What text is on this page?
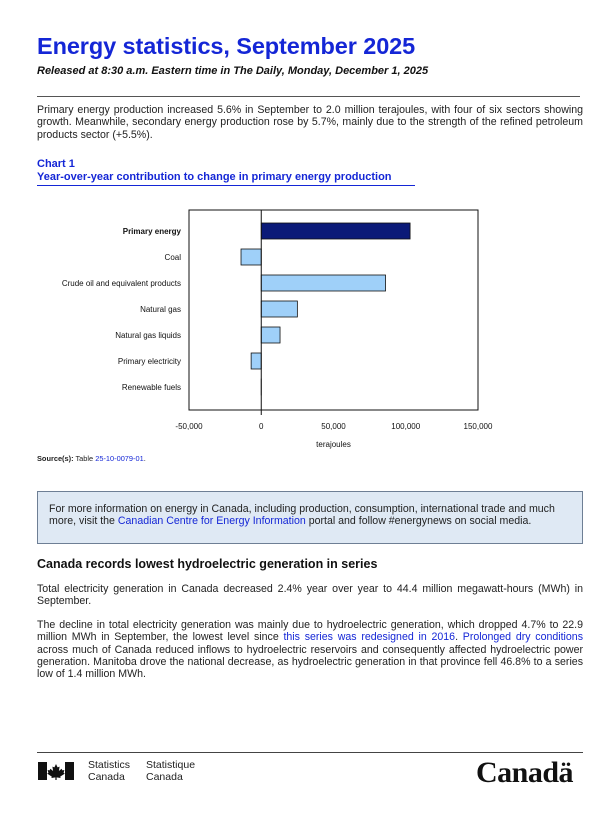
Energy statistics, September 2025

Released at 8:30 a.m. Eastern time in The Daily, Monday, December 1, 2025

Primary energy production increased 5.6% in September to 2.0 million terajoules, with four of six sectors showing growth. Meanwhile, secondary energy production rose by 5.7%, mainly due to the strength of the refined petroleum products sector (+5.5%).

Chart 1
Year-over-year contribution to change in primary energy production
Primary energy
Coal
Crude oil and equivalent products
Natural gas
Natural gas liquids
Primary electricity
Renewable fuels
-50,000	0	50,000	100,000	150,000
terajoules

Source(s): Table 25-10-0079-01.

For more information on energy in Canada, including production, consumption, international trade and much more, visit the Canadian Centre for Energy Information portal and follow #energynews on social media.
Canada records lowest hydroelectric generation in series

Total electricity generation in Canada decreased 2.4% year over year to 44.4 million megawatt-hours (MWh) in September.

The decline in total electricity generation was mainly due to hydroelectric generation, which dropped 4.7% to 22.9 million MWh in September, the lowest level since this series was redesigned in 2016. Prolonged dry conditions across much of Canada reduced inflows to hydroelectric reservoirs and consequently affected hydroelectric power generation. Manitoba drove the national decrease, as hydroelectric generation in that province fell 46.8% to a series low of 1.4 million MWh.

Statistics
Canada
Statistique
Canada	Canadä
